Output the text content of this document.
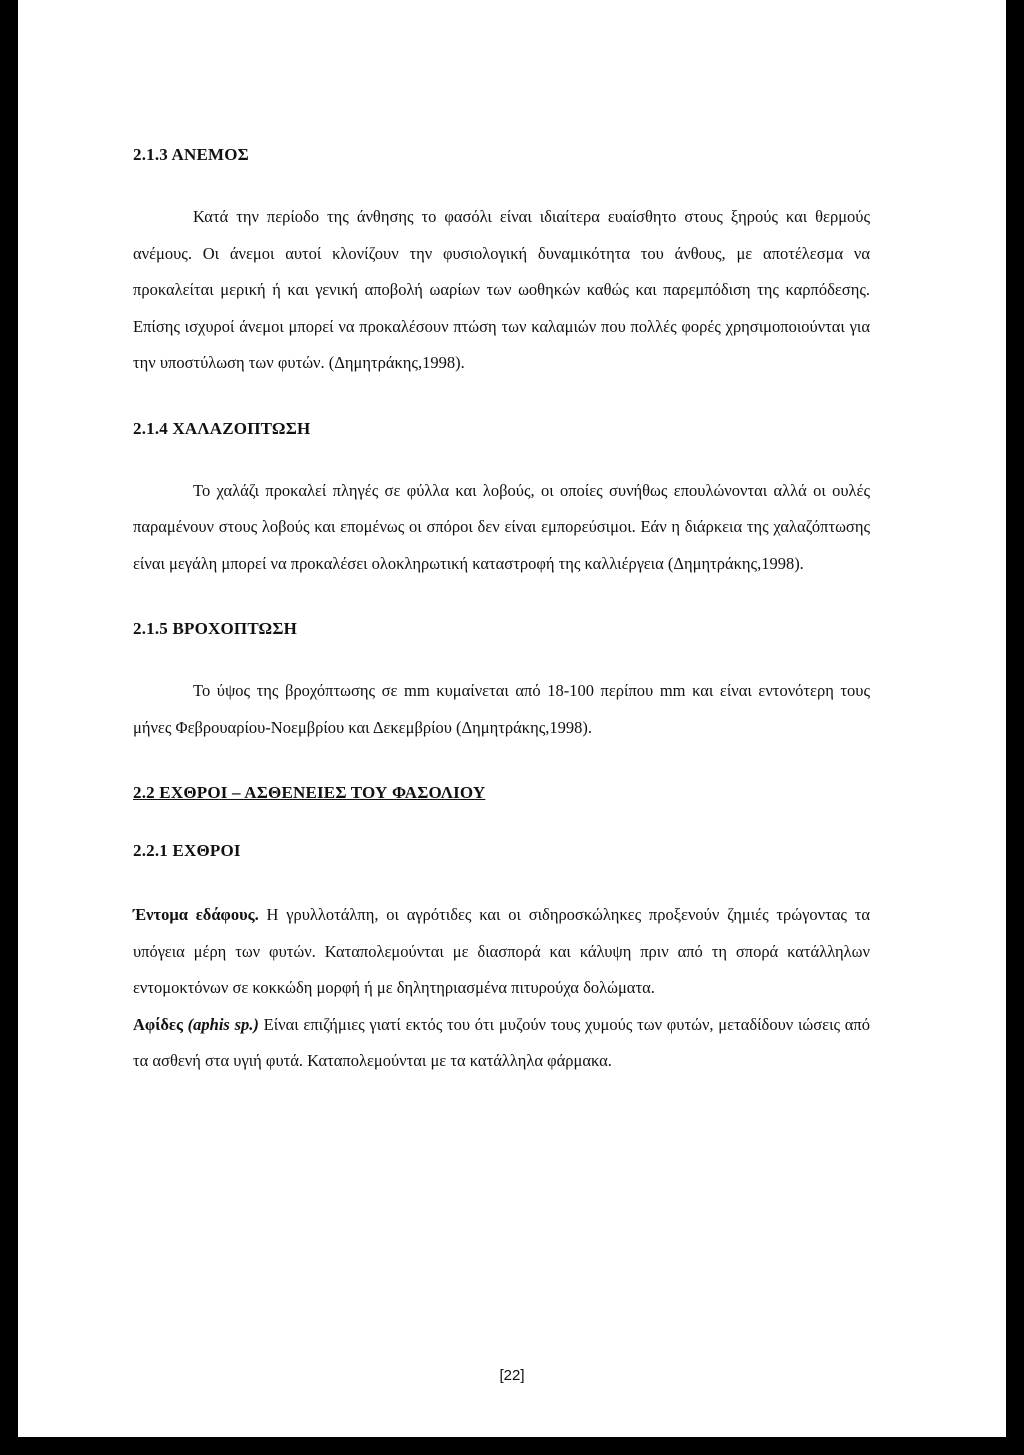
2.1.3 ΑΝΕΜΟΣ

Κατά την περίοδο της άνθησης το φασόλι είναι ιδιαίτερα ευαίσθητο στους ξηρούς και θερμούς ανέμους. Οι άνεμοι αυτοί κλονίζουν την φυσιολογική δυναμικότητα του άνθους, με αποτέλεσμα να προκαλείται μερική ή και γενική αποβολή ωαρίων των ωοθηκών καθώς και παρεμπόδιση της καρπόδεσης. Επίσης ισχυροί άνεμοι μπορεί να προκαλέσουν πτώση των καλαμιών που πολλές φορές χρησιμοποιούνται για την υποστύλωση των φυτών. (Δημητράκης,1998).

2.1.4 ΧΑΛΑΖΟΠΤΩΣΗ

Το χαλάζι προκαλεί πληγές σε φύλλα και λοβούς, οι οποίες συνήθως επουλώνονται αλλά οι ουλές παραμένουν στους λοβούς και επομένως οι σπόροι δεν είναι εμπορεύσιμοι. Εάν η διάρκεια της χαλαζόπτωσης είναι μεγάλη μπορεί να προκαλέσει ολοκληρωτική καταστροφή της καλλιέργεια (Δημητράκης,1998).

2.1.5 ΒΡΟΧΟΠΤΩΣΗ

Το ύψος της βροχόπτωσης σε mm κυμαίνεται από 18-100 περίπου mm και είναι εντονότερη τους μήνες Φεβρουαρίου-Νοεμβρίου και Δεκεμβρίου (Δημητράκης,1998).

2.2 ΕΧΘΡΟΙ – ΑΣΘΕΝΕΙΕΣ ΤΟΥ ΦΑΣΟΛΙΟΥ
2.2.1 ΕΧΘΡΟΙ

Έντομα εδάφους. Η γρυλλοτάλπη, οι αγρότιδες και οι σιδηροσκώληκες προξενούν ζημιές τρώγοντας τα υπόγεια μέρη των φυτών. Καταπολεμούνται με διασπορά και κάλυψη πριν από τη σπορά κατάλληλων εντομοκτόνων σε κοκκώδη μορφή ή με δηλητηριασμένα πιτυρούχα δολώματα.

Αφίδες (aphis sp.) Είναι επιζήμιες γιατί εκτός του ότι μυζούν τους χυμούς των φυτών, μεταδίδουν ιώσεις από τα ασθενή στα υγιή φυτά. Καταπολεμούνται με τα κατάλληλα φάρμακα.

[22]
